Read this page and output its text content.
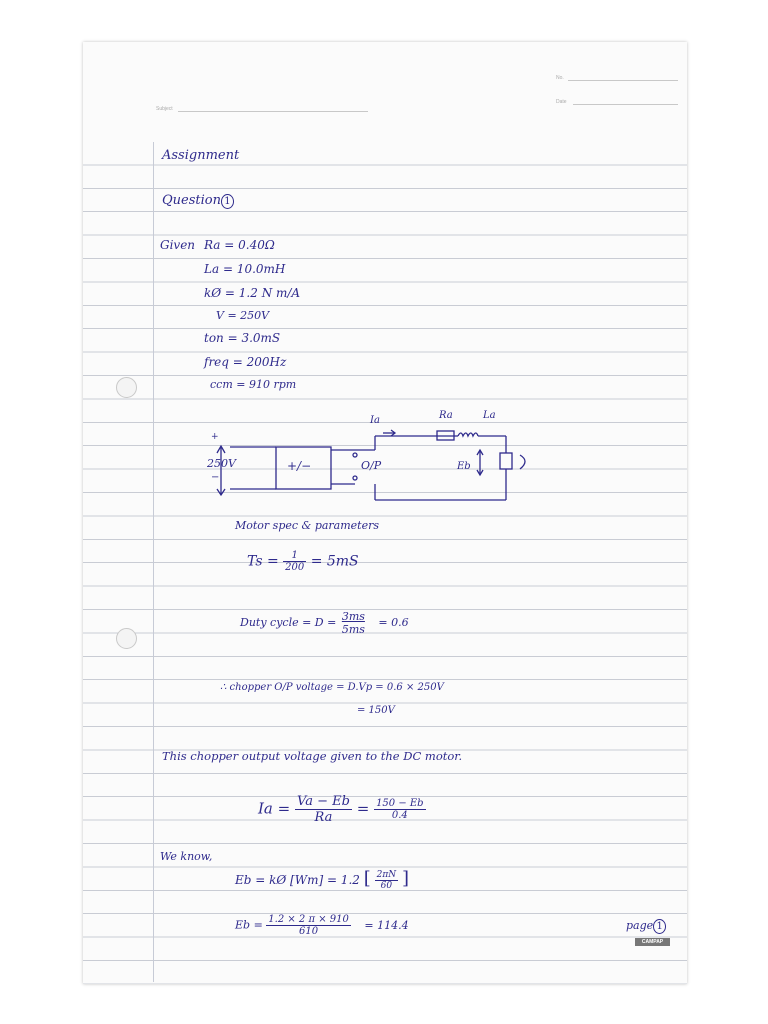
Subject
No.
Date
Assignment
Question 1
Given Ra = 0.40Ω
La = 10.0mH
kØ = 1.2 N m/A
V = 250V
ton = 3.0mS
freq = 200Hz
ccm = 910 rpm
+
250V
−
+/−	O/P
Ia	Ra	La
Eb
Motor spec & parameters
$Ts = \frac{1}{200} = 5mS$
Duty cycle = $D = \frac{3ms}{5ms} = 0.6$
∴ chopper O/P voltage = D.Vp = 0.6 × 250V
= 150V
This chopper output voltage given to the DC motor.
$Ia = \frac{Va - Eb}{Ra} = \frac{150 - Eb}{0.4}$
We know,
Eb = kØ [Wm] = 1.2 [ $\frac{2\pi N}{60}$ ]
$Eb = \frac{1.2 \times 2 \pi \times 910}{610} = 114.4$	page 1
CAMPAP
